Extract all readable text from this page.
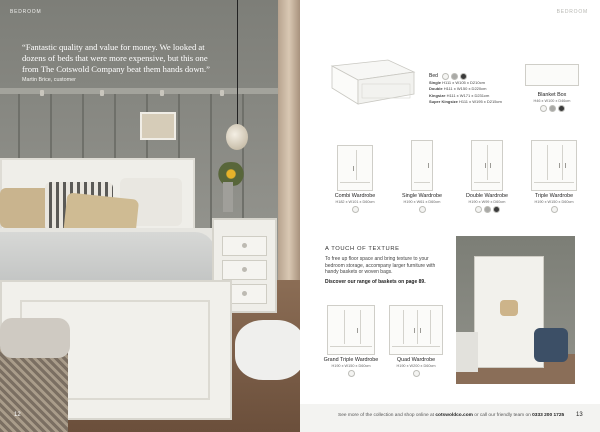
BEDROOM
“Fantastic quality and value for money. We looked at dozens of beds that were more expensive, but this one from The Cotswold Company beat them hands down.”
Martin Brice, customer
12
BEDROOM
Bed
Single H111 x W105 x D210cm
Double H111 x W150 x D220cm
Kingsize H111 x W171 x D231cm
Super Kingsize H111 x W195 x D215cm
Blanket Box
H46 x W100 x D46cm
Combi Wardrobe
H182 x W101 x D60cm
Single Wardrobe
H190 x W61 x D60cm
Double Wardrobe
H190 x W99 x D60cm
Triple Wardrobe
H190 x W150 x D60cm
A TOUCH OF TEXTURE
To free up floor space and bring texture to your bedroom storage, accompany larger furniture with handy baskets or woven bags.
Discover our range of baskets on page 89.
Grand Triple Wardrobe
H190 x W150 x D60cm
Quad Wardrobe
H190 x W200 x D60cm
See more of the collection and shop online at cotswoldco.com or call our friendly team on 0333 200 1725 13
